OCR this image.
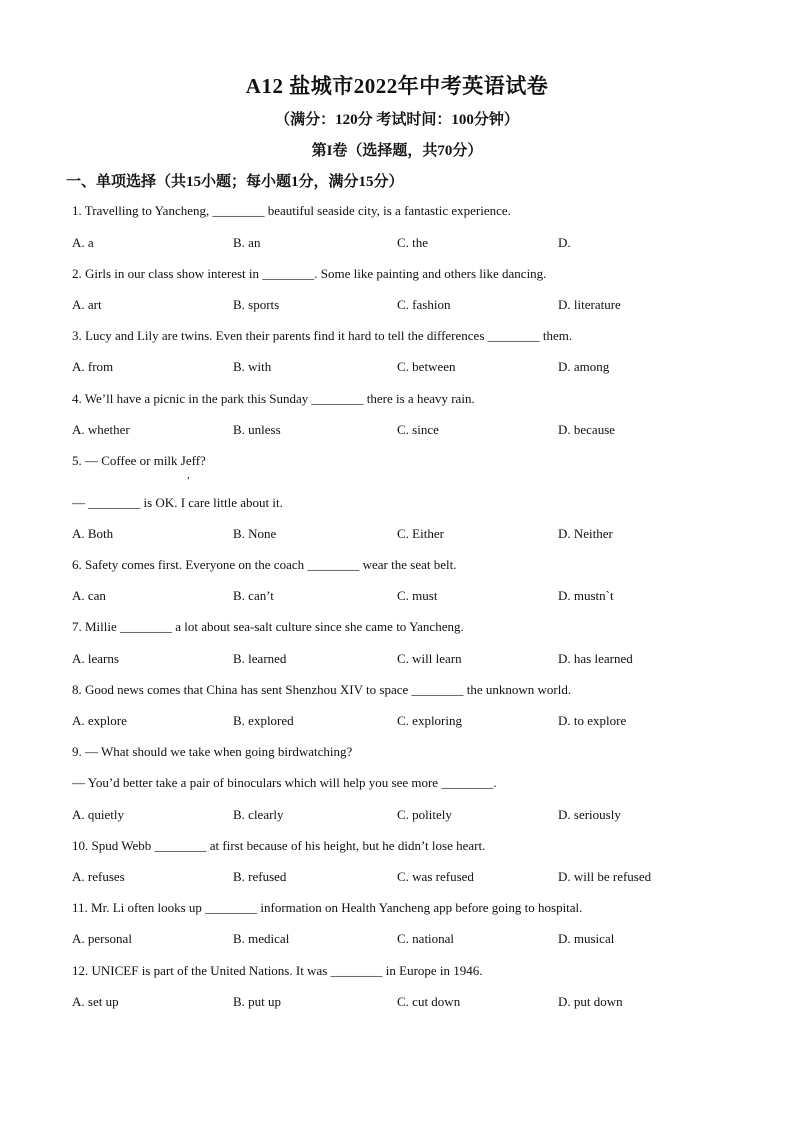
A12 盐城市2022年中考英语试卷
（满分：120分 考试时间：100分钟）
第I卷（选择题，共70分）
一、单项选择（共15小题；每小题1分，满分15分）
1. Travelling to Yancheng, ________ beautiful seaside city, is a fantastic experience.
A. a	B. an	C. the	D.
2. Girls in our class show interest in ________. Some like painting and others like dancing.
A. art	B. sports	C. fashion	D. literature
3. Lucy and Lily are twins. Even their parents find it hard to tell the differences ________ them.
A. from	B. with	C. between	D. among
4. We’ll have a picnic in the park this Sunday ________ there is a heavy rain.
A. whether	B. unless	C. since	D. because
5. — Coffee or milk Jeff?
,
— ________ is OK. I care little about it.
A. Both	B. None	C. Either	D. Neither
6. Safety comes first. Everyone on the coach ________ wear the seat belt.
A. can	B. can’t	C. must	D. mustn`t
7. Millie ________ a lot about sea-salt culture since she came to Yancheng.
A. learns	B. learned	C. will learn	D. has learned
8. Good news comes that China has sent Shenzhou XIV to space ________ the unknown world.
A. explore	B. explored	C. exploring	D. to explore
9. — What should we take when going birdwatching?
— You’d better take a pair of binoculars which will help you see more ________.
A. quietly	B. clearly	C. politely	D. seriously
10. Spud Webb ________ at first because of his height, but he didn’t lose heart.
A. refuses	B. refused	C. was refused	D. will be refused
11. Mr. Li often looks up ________ information on Health Yancheng app before going to hospital.
A. personal	B. medical	C. national	D. musical
12. UNICEF is part of the United Nations. It was ________ in Europe in 1946.
A. set up	B. put up	C. cut down	D. put down
